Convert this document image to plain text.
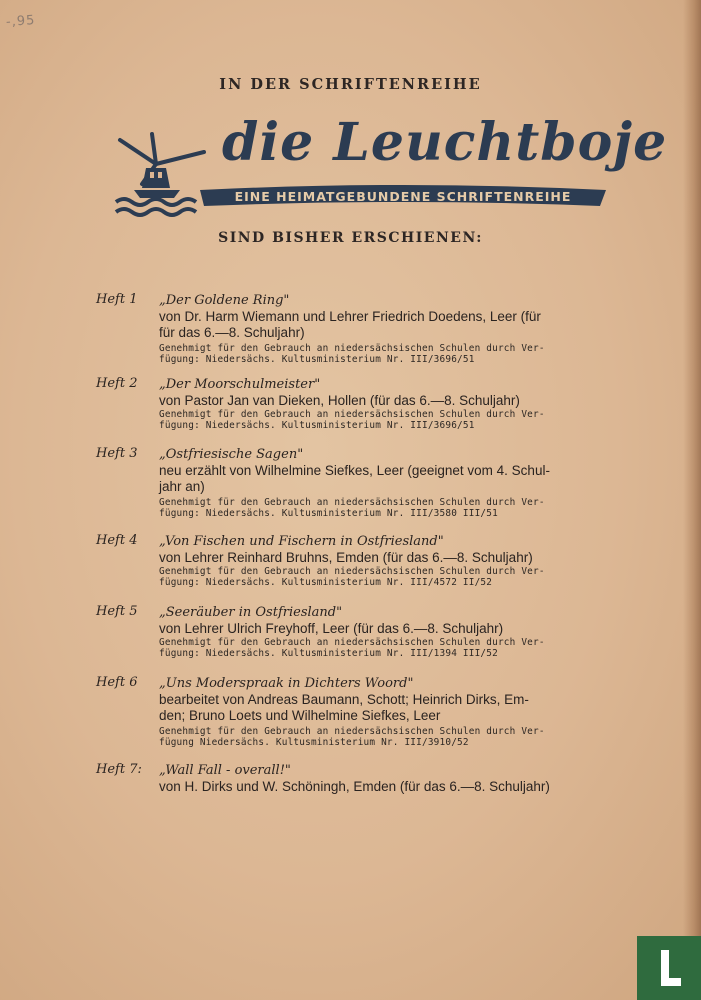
-,95
IN DER SCHRIFTENREIHE
die Leuchtboje
EINE HEIMATGEBUNDENE SCHRIFTENREIHE
SIND BISHER ERSCHIENEN:
Heft 1	„Der Goldene Ring"
von Dr. Harm Wiemann und Lehrer Friedrich Doedens, Leer (für
für das 6.—8. Schuljahr)
Genehmigt für den Gebrauch an niedersächsischen Schulen durch Ver-
fügung: Niedersächs. Kultusministerium Nr. III/3696/51
Heft 2	„Der Moorschulmeister"
von Pastor Jan van Dieken, Hollen (für das 6.—8. Schuljahr)
Genehmigt für den Gebrauch an niedersächsischen Schulen durch Ver-
fügung: Niedersächs. Kultusministerium Nr. III/3696/51
Heft 3	„Ostfriesische Sagen"
neu erzählt von Wilhelmine Siefkes, Leer (geeignet vom 4. Schul-
jahr an)
Genehmigt für den Gebrauch an niedersächsischen Schulen durch Ver-
fügung: Niedersächs. Kultusministerium Nr. III/3580 III/51
Heft 4	„Von Fischen und Fischern in Ostfriesland"
von Lehrer Reinhard Bruhns, Emden (für das 6.—8. Schuljahr)
Genehmigt für den Gebrauch an niedersächsischen Schulen durch Ver-
fügung: Niedersächs. Kultusministerium Nr. III/4572 II/52
Heft 5	„Seeräuber in Ostfriesland"
von Lehrer Ulrich Freyhoff, Leer (für das 6.—8. Schuljahr)
Genehmigt für den Gebrauch an niedersächsischen Schulen durch Ver-
fügung: Niedersächs. Kultusministerium Nr. III/1394 III/52
Heft 6	„Uns Moderspraak in Dichters Woord"
bearbeitet von Andreas Baumann, Schott; Heinrich Dirks, Em-
den; Bruno Loets und Wilhelmine Siefkes, Leer
Genehmigt für den Gebrauch an niedersächsischen Schulen durch Ver-
fügung Niedersächs. Kultusministerium Nr. III/3910/52
Heft 7:	„Wall Fall - overall!"
von H. Dirks und W. Schöningh, Emden (für das 6.—8. Schuljahr)
